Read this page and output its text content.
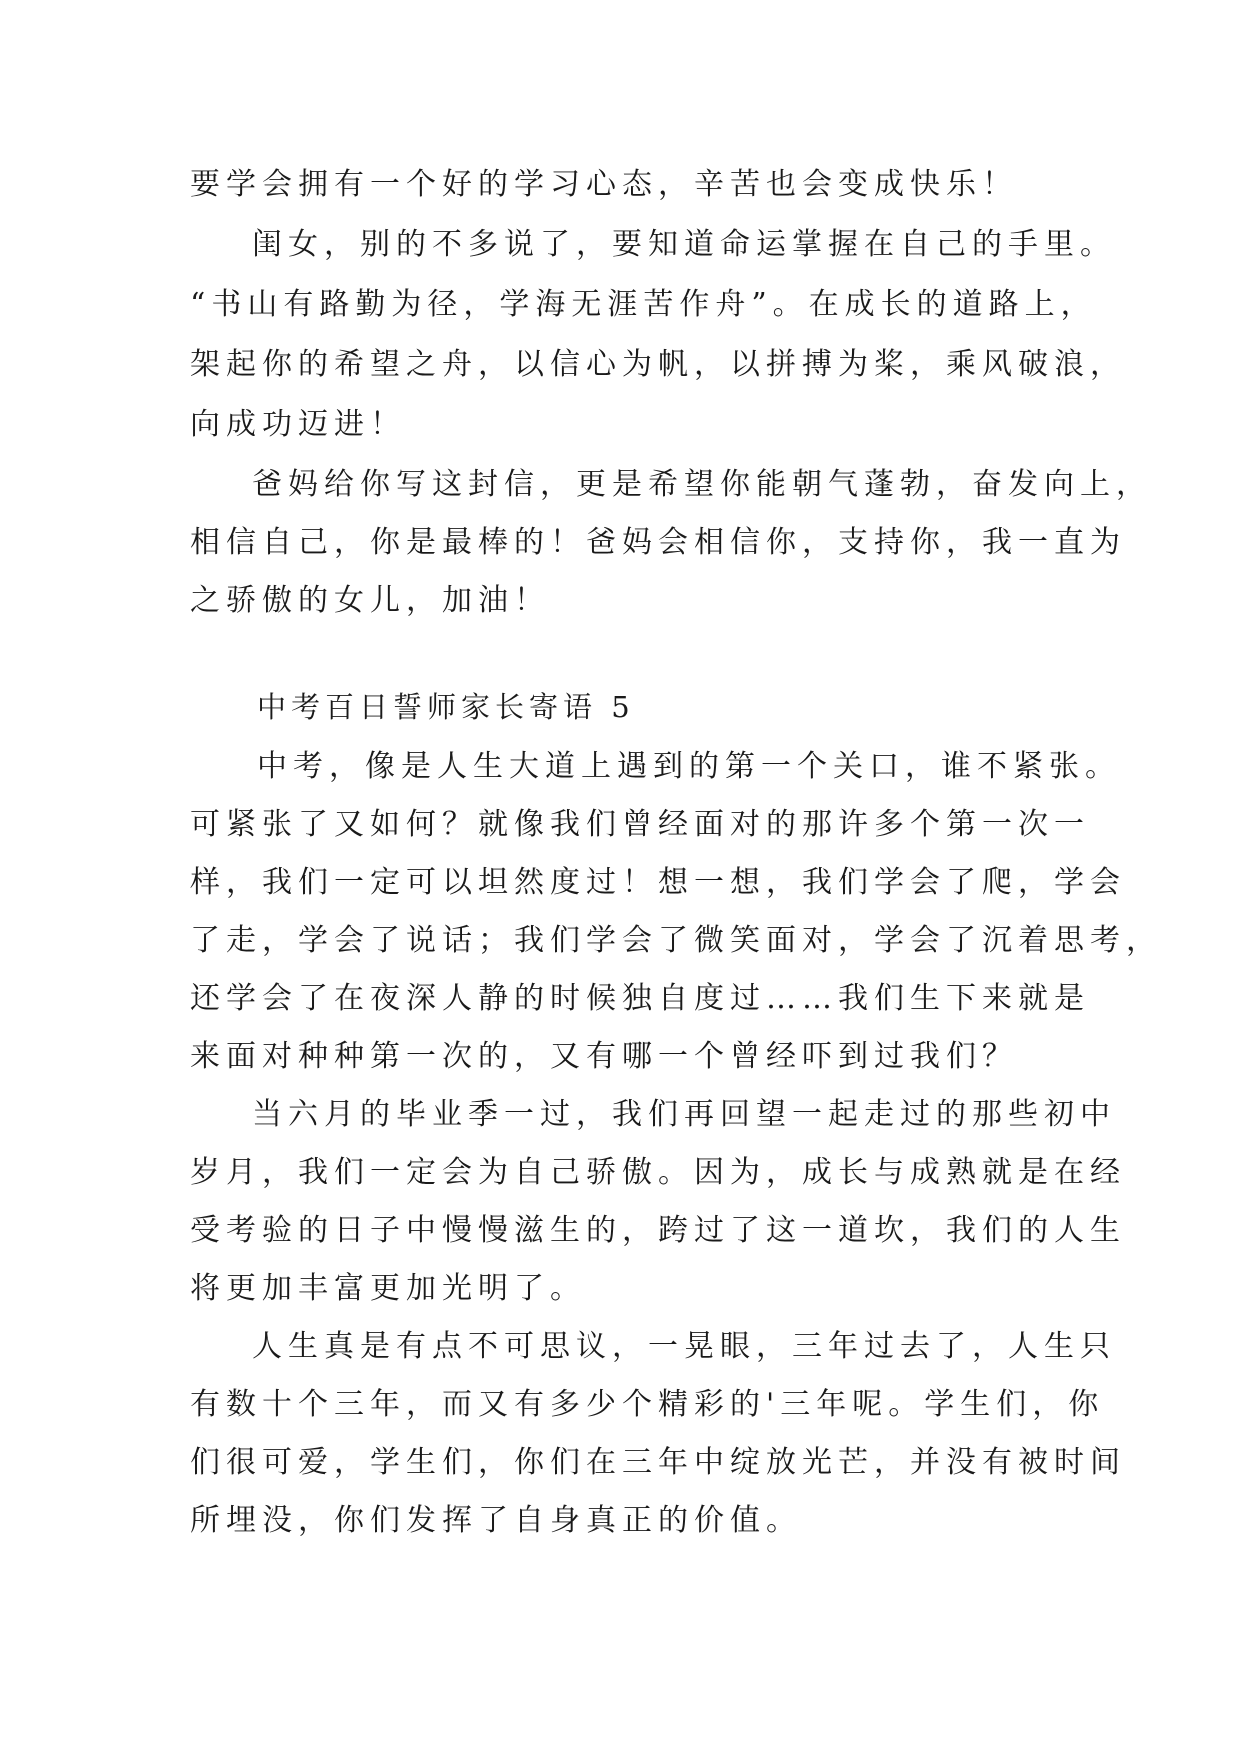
要学会拥有一个好的学习心态，辛苦也会变成快乐！
闺女，别的不多说了，要知道命运掌握在自己的手里。
“书山有路勤为径，学海无涯苦作舟”。在成长的道路上，
架起你的希望之舟，以信心为帆，以拼搏为桨，乘风破浪，
向成功迈进！
爸妈给你写这封信，更是希望你能朝气蓬勃，奋发向上，
相信自己，你是最棒的！爸妈会相信你，支持你，我一直为
之骄傲的女儿，加油！
中考百日誓师家长寄语 5
中考，像是人生大道上遇到的第一个关口，谁不紧张。
可紧张了又如何？就像我们曾经面对的那许多个第一次一
样，我们一定可以坦然度过！想一想，我们学会了爬，学会
了走，学会了说话；我们学会了微笑面对，学会了沉着思考，
还学会了在夜深人静的时候独自度过……我们生下来就是
来面对种种第一次的，又有哪一个曾经吓到过我们？
当六月的毕业季一过，我们再回望一起走过的那些初中
岁月，我们一定会为自己骄傲。因为，成长与成熟就是在经
受考验的日子中慢慢滋生的，跨过了这一道坎，我们的人生
将更加丰富更加光明了。
人生真是有点不可思议，一晃眼，三年过去了，人生只
有数十个三年，而又有多少个精彩的'三年呢。学生们，你
们很可爱，学生们，你们在三年中绽放光芒，并没有被时间
所埋没，你们发挥了自身真正的价值。
